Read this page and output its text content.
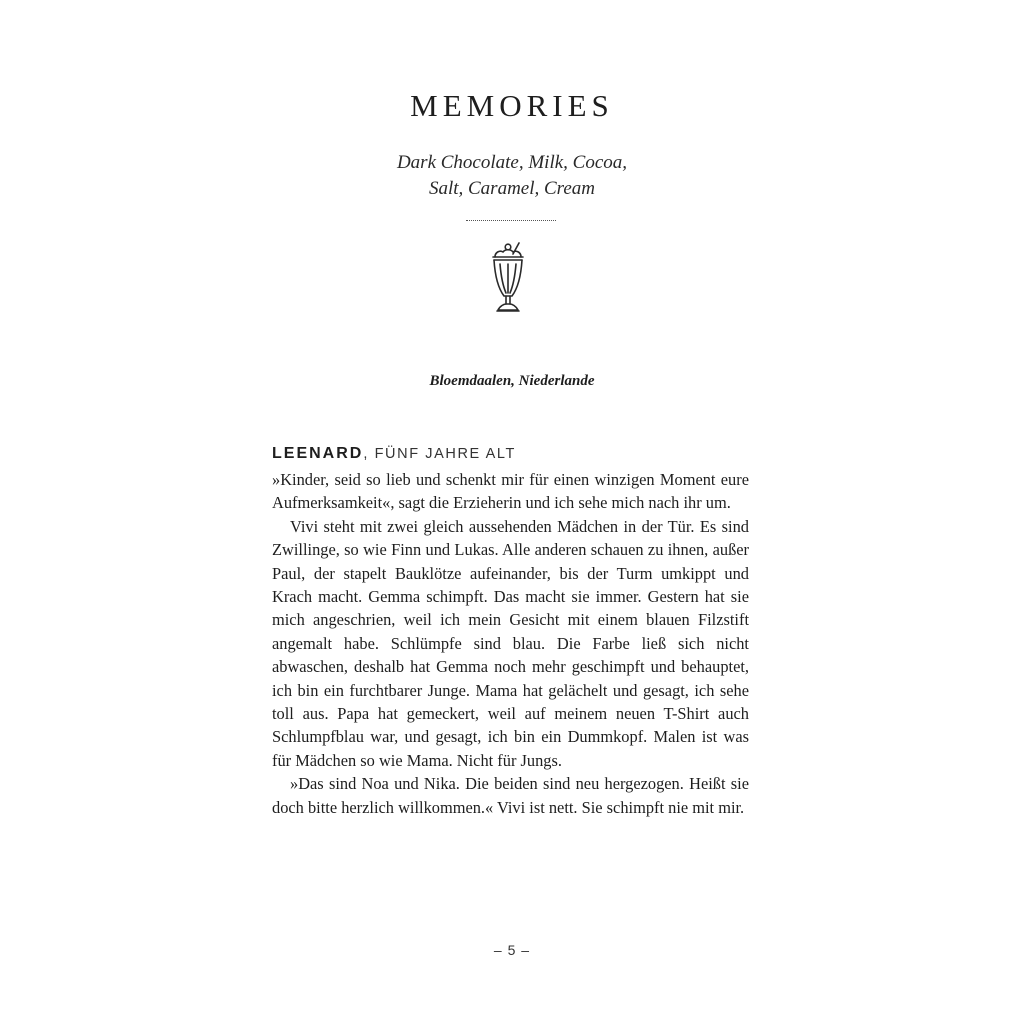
MEMORIES
Dark Chocolate, Milk, Cocoa,
Salt, Caramel, Cream
Bloemdaalen, Niederlande
LEENARD, FÜNF JAHRE ALT

»Kinder, seid so lieb und schenkt mir für einen winzigen Moment eure Aufmerksamkeit«, sagt die Erzieherin und ich sehe mich nach ihr um.

Vivi steht mit zwei gleich aussehenden Mädchen in der Tür. Es sind Zwillinge, so wie Finn und Lukas. Alle anderen schauen zu ihnen, außer Paul, der stapelt Bauklötze aufeinander, bis der Turm umkippt und Krach macht. Gemma schimpft. Das macht sie immer. Gestern hat sie mich angeschrien, weil ich mein Gesicht mit einem blauen Filzstift angemalt habe. Schlümpfe sind blau. Die Farbe ließ sich nicht abwaschen, deshalb hat Gemma noch mehr geschimpft und behauptet, ich bin ein furchtbarer Junge. Mama hat gelächelt und gesagt, ich sehe toll aus. Papa hat gemeckert, weil auf meinem neuen T-Shirt auch Schlumpfblau war, und gesagt, ich bin ein Dummkopf. Malen ist was für Mädchen so wie Mama. Nicht für Jungs.

»Das sind Noa und Nika. Die beiden sind neu hergezogen. Heißt sie doch bitte herzlich willkommen.« Vivi ist nett. Sie schimpft nie mit mir.

– 5 –
